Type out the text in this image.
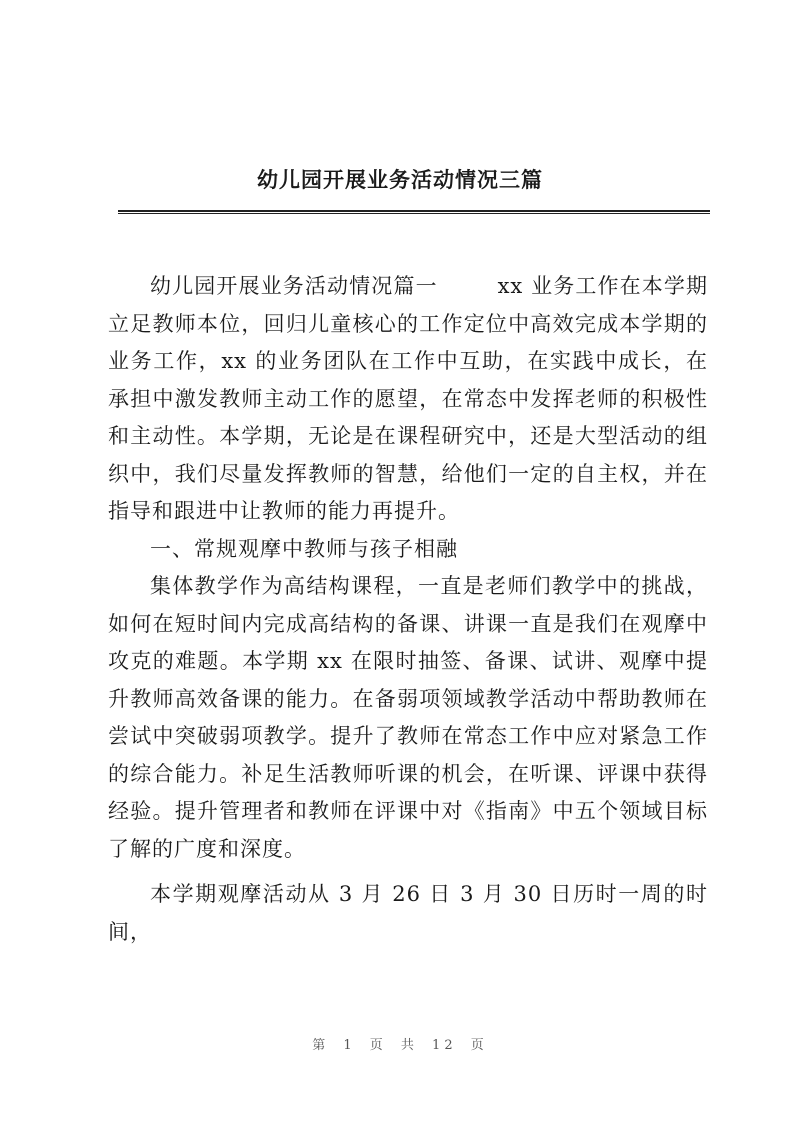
幼儿园开展业务活动情况三篇

幼儿园开展业务活动情况篇一 　 　xx 业务工作在本学期立足教师本位，回归儿童核心的工作定位中高效完成本学期的业务工作，xx 的业务团队在工作中互助，在实践中成长，在承担中激发教师主动工作的愿望，在常态中发挥老师的积极性和主动性。本学期，无论是在课程研究中，还是大型活动的组织中，我们尽量发挥教师的智慧，给他们一定的自主权，并在指导和跟进中让教师的能力再提升。

一、常规观摩中教师与孩子相融

集体教学作为高结构课程，一直是老师们教学中的挑战，如何在短时间内完成高结构的备课、讲课一直是我们在观摩中攻克的难题。本学期 xx 在限时抽签、备课、试讲、观摩中提升教师高效备课的能力。在备弱项领域教学活动中帮助教师在尝试中突破弱项教学。提升了教师在常态工作中应对紧急工作的综合能力。补足生活教师听课的机会，在听课、评课中获得经验。提升管理者和教师在评课中对《指南》中五个领域目标了解的广度和深度。

本学期观摩活动从 3 月 26 日 3 月 30 日历时一周的时间，

第 1 页 共 12 页
